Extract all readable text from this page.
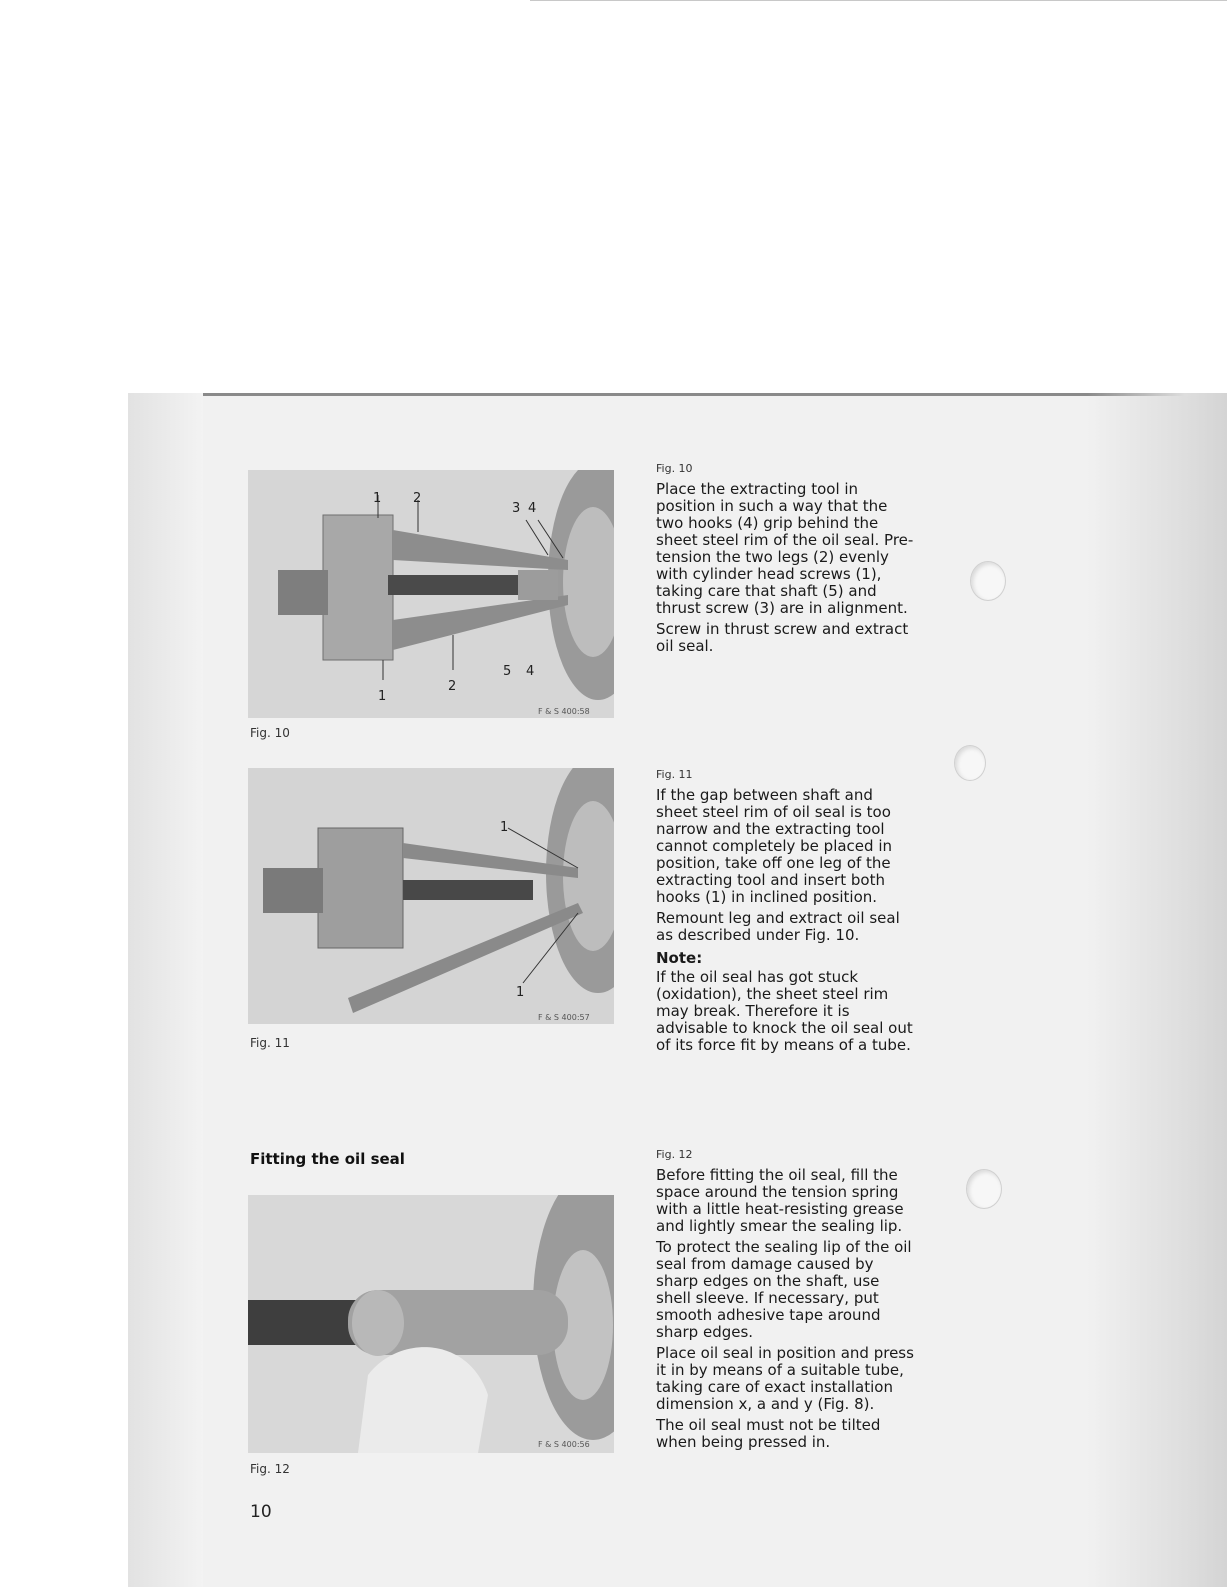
1 2
3 4
5 4
1
2
F & S 400:58
Fig. 10
1
1
F & S 400:57
Fig. 11
Fitting the oil seal
F & S 400:56
Fig. 12
10
Fig. 10

Place the extracting tool in position in such a way that the two hooks (4) grip behind the sheet steel rim of the oil seal. Pre-tension the two legs (2) evenly with cylinder head screws (1), taking care that shaft (5) and thrust screw (3) are in alignment.

Screw in thrust screw and extract oil seal.

Fig. 11

If the gap between shaft and sheet steel rim of oil seal is too narrow and the extracting tool cannot completely be placed in position, take off one leg of the extracting tool and insert both hooks (1) in inclined position.

Remount leg and extract oil seal as described under Fig. 10.

Note:

If the oil seal has got stuck (oxidation), the sheet steel rim may break. Therefore it is advisable to knock the oil seal out of its force fit by means of a tube.

Fig. 12

Before fitting the oil seal, fill the space around the tension spring with a little heat-resisting grease and lightly smear the sealing lip.

To protect the sealing lip of the oil seal from damage caused by sharp edges on the shaft, use shell sleeve. If necessary, put smooth adhesive tape around sharp edges.

Place oil seal in position and press it in by means of a suitable tube, taking care of exact installation dimension x, a and y (Fig. 8).

The oil seal must not be tilted when being pressed in.
